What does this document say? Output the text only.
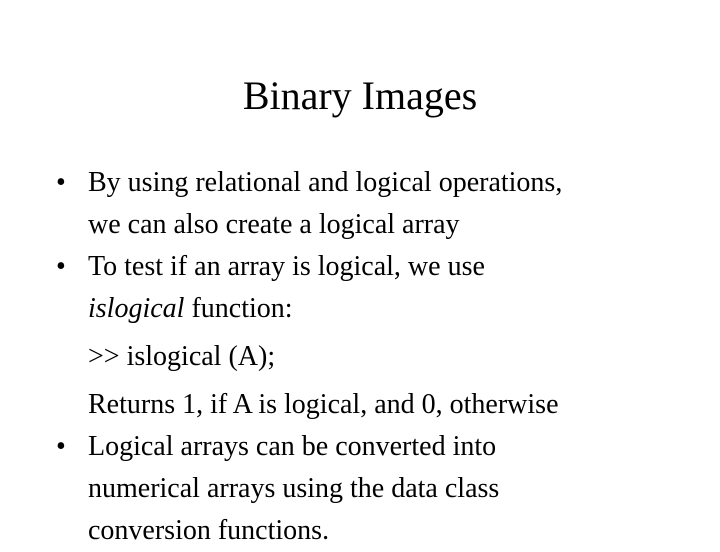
Binary Images
• By using relational and logical operations,
we can also create a logical array
• To test if an array is logical, we use
islogical function:
>> islogical (A);
Returns 1, if A is logical, and 0, otherwise
• Logical arrays can be converted into
numerical arrays using the data class
conversion functions.
